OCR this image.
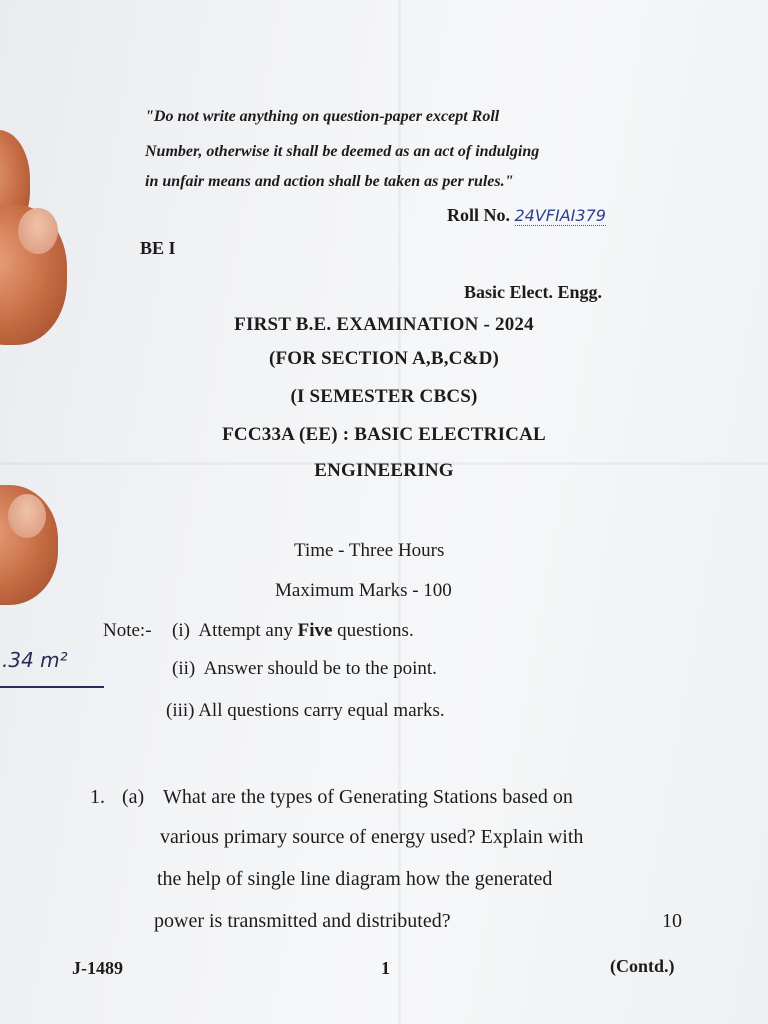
"Do not write anything on question-paper except Roll
Number, otherwise it shall be deemed as an act of indulging
in unfair means and action shall be taken as per rules."
Roll No. 24VFIAI379
BE I
Basic Elect. Engg.
FIRST B.E. EXAMINATION - 2024
(FOR SECTION A,B,C&D)
(I SEMESTER CBCS)
FCC33A (EE) : BASIC ELECTRICAL
ENGINEERING
Time - Three Hours
Maximum Marks - 100
Note:- (i) Attempt any Five questions.
(ii) Answer should be to the point.
(iii) All questions carry equal marks.
.34 m²
1. (a) What are the types of Generating Stations based on
various primary source of energy used? Explain with
the help of single line diagram how the generated
power is transmitted and distributed?	10
J-1489	1	(Contd.)
